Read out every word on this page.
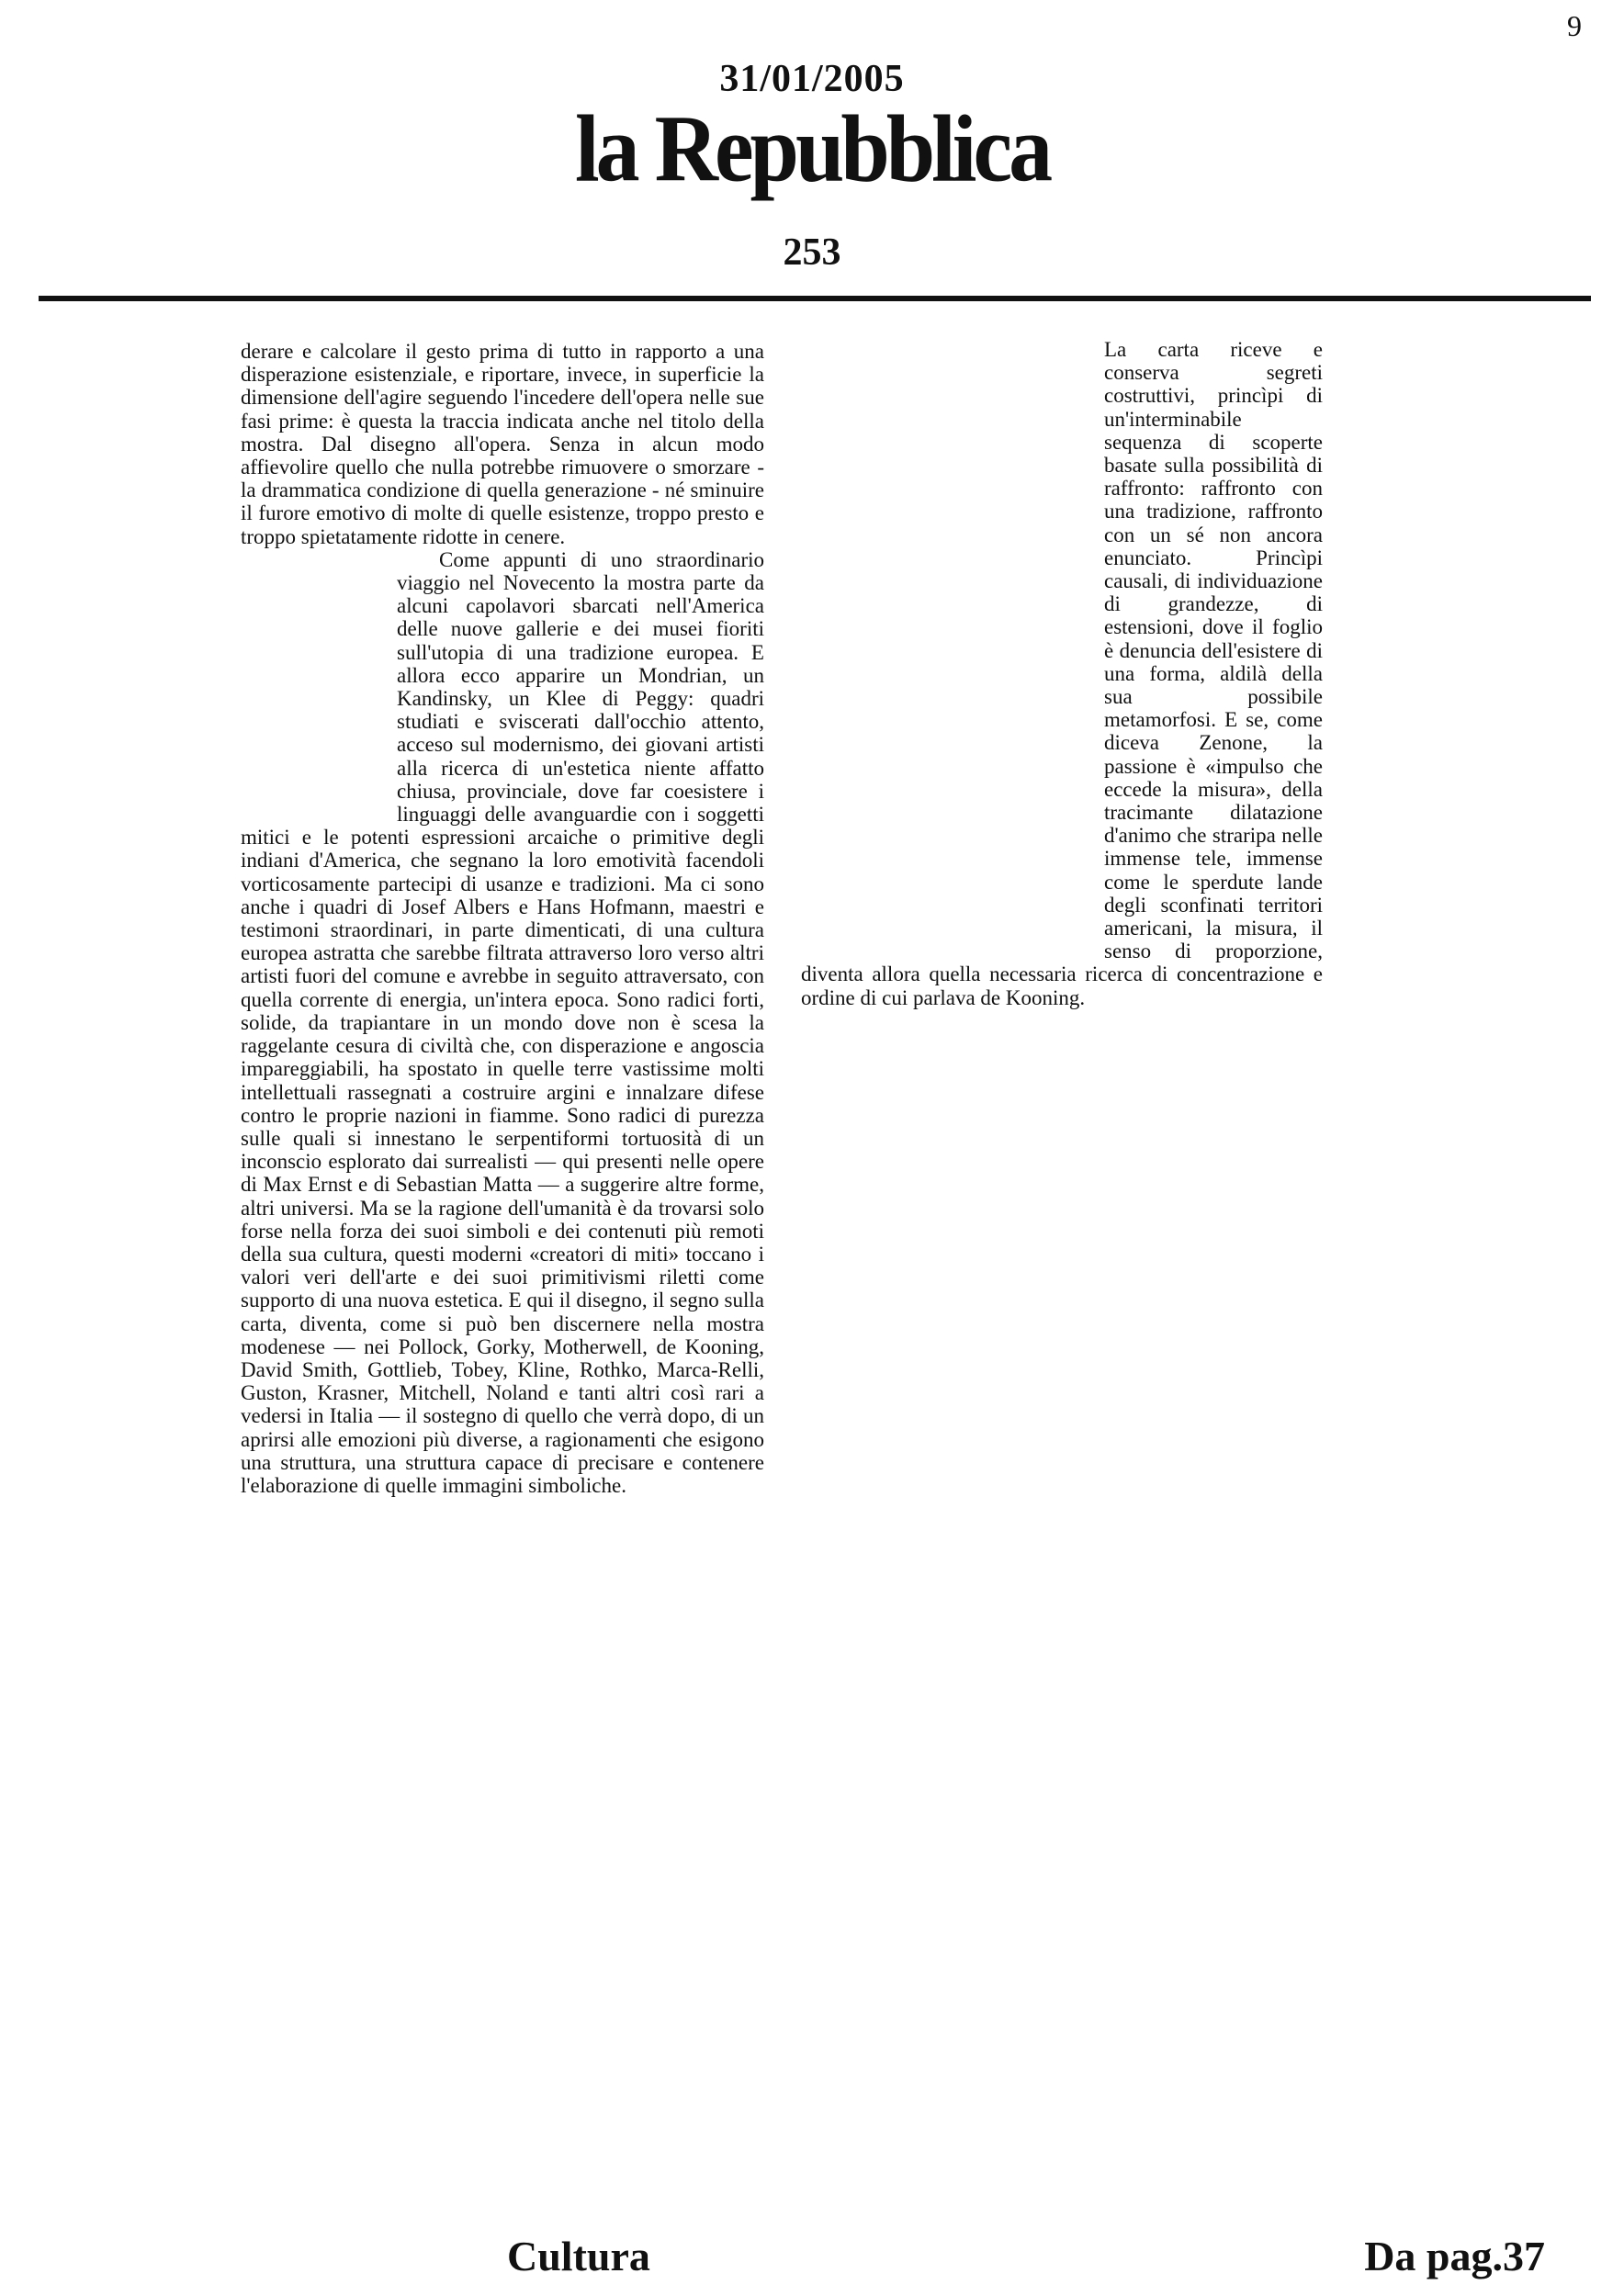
9
31/01/2005
la Repubblica
253

derare e calcolare il gesto prima di tutto in rapporto a una disperazione esistenziale, e riportare, invece, in superficie la dimensione dell'agire seguendo l'incedere dell'opera nelle sue fasi prime: è questa la traccia indicata anche nel titolo della mostra. Dal disegno all'opera. Senza in alcun modo affievolire quello che nulla potrebbe rimuovere o smorzare - la drammatica condizione di quella generazione - né sminuire il furore emotivo di molte di quelle esistenze, troppo presto e troppo spietatamente ridotte in cenere.

Come appunti di uno straordinario viaggio nel Novecento la mostra parte da alcuni capolavori sbarcati nell'America delle nuove gallerie e dei musei fioriti sull'utopia di una tradizione europea. E allora ecco apparire un Mondrian, un Kandinsky, un Klee di Peggy: quadri studiati e sviscerati dall'occhio attento, acceso sul modernismo, dei giovani artisti alla ricerca di un'estetica niente affatto chiusa, provinciale, dove far coesistere i linguaggi delle avanguardie con i soggetti mitici e le potenti espressioni arcaiche o primitive degli indiani d'America, che segnano la loro emotività facendoli vorticosamente partecipi di usanze e tradizioni. Ma ci sono anche i quadri di Josef Albers e Hans Hofmann, maestri e testimoni straordinari, in parte dimenticati, di una cultura europea astratta che sarebbe filtrata attraverso loro verso altri artisti fuori del comune e avrebbe in seguito attraversato, con quella corrente di energia, un'intera epoca. Sono radici forti, solide, da trapiantare in un mondo dove non è scesa la raggelante cesura di civiltà che, con disperazione e angoscia impareggiabili, ha spostato in quelle terre vastissime molti intellettuali rassegnati a costruire argini e innalzare difese contro le proprie nazioni in fiamme. Sono radici di purezza sulle quali si innestano le serpentiformi tortuosità di un inconscio esplorato dai surrealisti — qui presenti nelle opere di Max Ernst e di Sebastian Matta — a suggerire altre forme, altri universi. Ma se la ragione dell'umanità è da trovarsi solo forse nella forza dei suoi simboli e dei contenuti più remoti della sua cultura, questi moderni «creatori di miti» toccano i valori veri dell'arte e dei suoi primitivismi riletti come supporto di una nuova estetica. E qui il disegno, il segno sulla carta, diventa, come si può ben discernere nella mostra modenese — nei Pollock, Gorky, Motherwell, de Kooning, David Smith, Gottlieb, Tobey, Kline, Rothko, Marca-Relli, Guston, Krasner, Mitchell, Noland e tanti altri così rari a vedersi in Italia — il sostegno di quello che verrà dopo, di un aprirsi alle emozioni più diverse, a ragionamenti che esigono una struttura, una struttura capace di precisare e contenere l'elaborazione di quelle immagini simboliche.

La carta riceve e conserva segreti costruttivi, princìpi di un'interminabile sequenza di scoperte basate sulla possibilità di raffronto: raffronto con una tradizione, raffronto con un sé non ancora enunciato. Princìpi causali, di individuazione di grandezze, di estensioni, dove il foglio è denuncia dell'esistere di una forma, aldilà della sua possibile metamorfosi. E se, come diceva Zenone, la passione è «impulso che eccede la misura», della tracimante dilatazione d'animo che straripa nelle immense tele, immense come le sperdute lande degli sconfinati territori americani, la misura, il senso di proporzione, diventa allora quella necessaria ricerca di concentrazione e ordine di cui parlava de Kooning.

Cultura	Da pag.37
